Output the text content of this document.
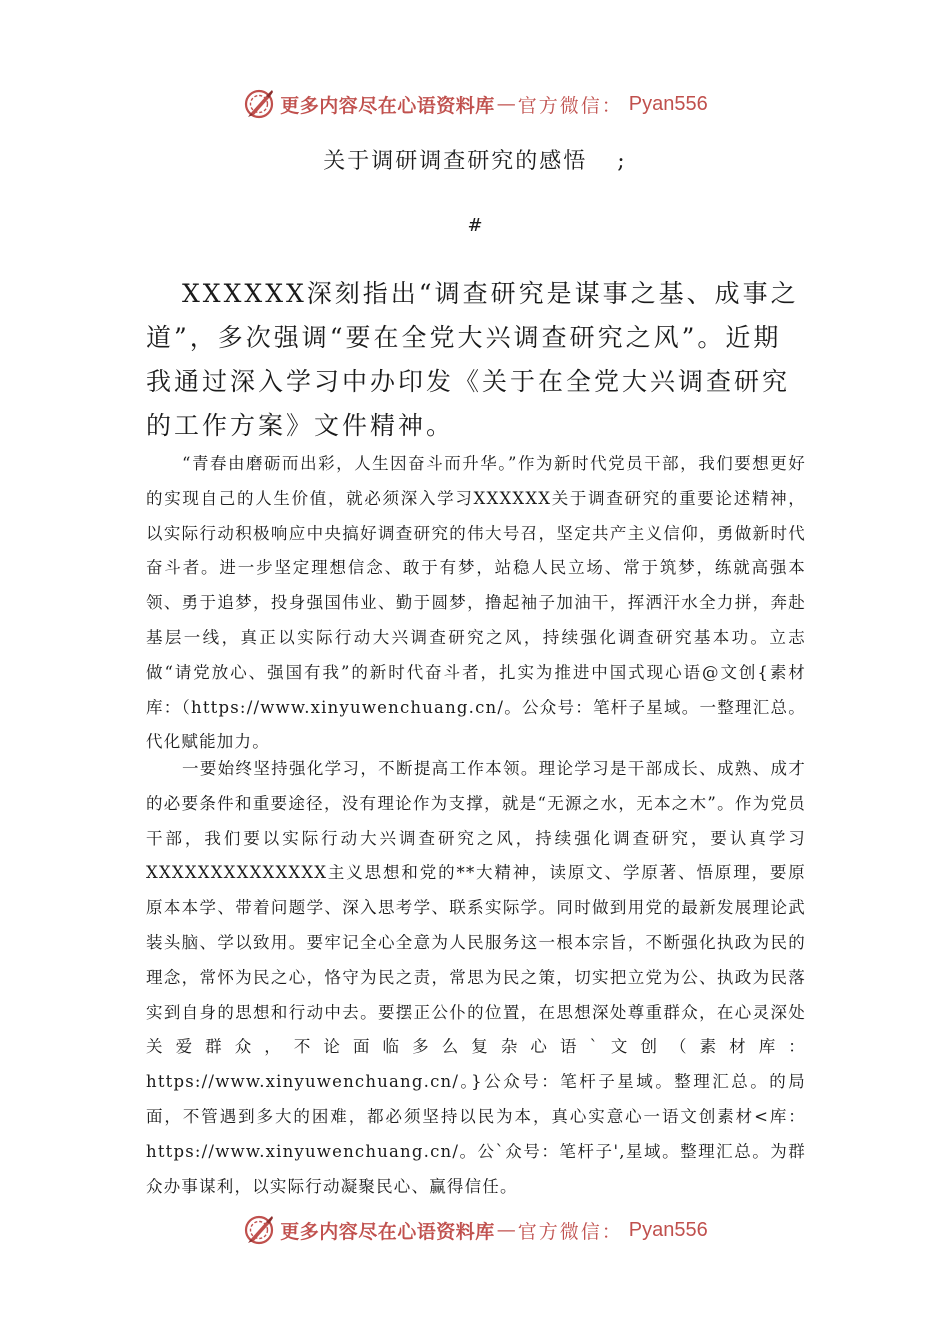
更多内容尽在心语资料库 — 官方微信： Pyan556
关于调研调查研究的感悟 ;
#

XXXXXX深刻指出“调查研究是谋事之基、成事之道”，多次强调“要在全党大兴调查研究之风”。近期我通过深入学习中办印发《关于在全党大兴调查研究的工作方案》文件精神。

“青春由磨砺而出彩，人生因奋斗而升华。”作为新时代党员干部，我们要想更好的实现自己的人生价值，就必须深入学习XXXXXX关于调查研究的重要论述精神，以实际行动积极响应中央搞好调查研究的伟大号召，坚定共产主义信仰，勇做新时代奋斗者。进一步坚定理想信念、敢于有梦，站稳人民立场、常于筑梦，练就高强本领、勇于追梦，投身强国伟业、勤于圆梦，撸起袖子加油干，挥洒汗水全力拼，奔赴基层一线，真正以实际行动大兴调查研究之风，持续强化调查研究基本功。立志做“请党放心、强国有我”的新时代奋斗者，扎实为推进中国式现心语@文创{素材库：（https://www.xinyuwenchuang.cn/。公众号：笔杆子星域。一整理汇总。代化赋能加力。

一要始终坚持强化学习，不断提高工作本领。理论学习是干部成长、成熟、成才的必要条件和重要途径，没有理论作为支撑，就是“无源之水，无本之木”。作为党员干部，我们要以实际行动大兴调查研究之风，持续强化调查研究，要认真学习XXXXXXXXXXXXXX主义思想和党的**大精神，读原文、学原著、悟原理，要原原本本学、带着问题学、深入思考学、联系实际学。同时做到用党的最新发展理论武装头脑、学以致用。要牢记全心全意为人民服务这一根本宗旨，不断强化执政为民的理念，常怀为民之心，恪守为民之责，常思为民之策，切实把立党为公、执政为民落实到自身的思想和行动中去。要摆正公仆的位置，在思想深处尊重群众，在心灵深处关爱群众，不论面临多么复杂心语`文创（素材库：https://www.xinyuwenchuang.cn/。}公众号：笔杆子星域。整理汇总。的局面，不管遇到多大的困难，都必须坚持以民为本，真心实意心一语文创素材<库：https://www.xinyuwenchuang.cn/。公`众号：笔杆子',星域。整理汇总。为群众办事谋利，以实际行动凝聚民心、赢得信任。

更多内容尽在心语资料库 — 官方微信： Pyan556
